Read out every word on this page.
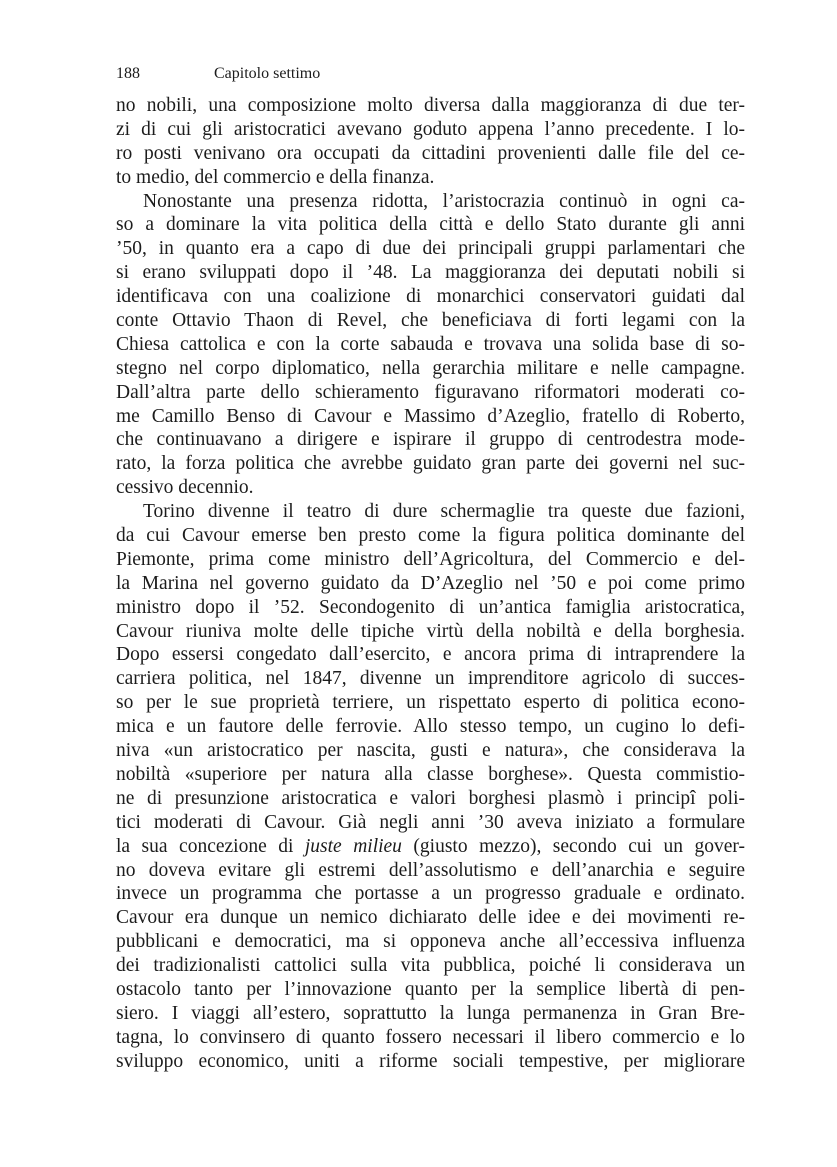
188	Capitolo settimo
no nobili, una composizione molto diversa dalla maggioranza di due ter-
zi di cui gli aristocratici avevano goduto appena l’anno precedente. I lo-
ro posti venivano ora occupati da cittadini provenienti dalle file del ce-
to medio, del commercio e della finanza.
Nonostante una presenza ridotta, l’aristocrazia continuò in ogni ca-
so a dominare la vita politica della città e dello Stato durante gli anni
’50, in quanto era a capo di due dei principali gruppi parlamentari che
si erano sviluppati dopo il ’48. La maggioranza dei deputati nobili si
identificava con una coalizione di monarchici conservatori guidati dal
conte Ottavio Thaon di Revel, che beneficiava di forti legami con la
Chiesa cattolica e con la corte sabauda e trovava una solida base di so-
stegno nel corpo diplomatico, nella gerarchia militare e nelle campagne.
Dall’altra parte dello schieramento figuravano riformatori moderati co-
me Camillo Benso di Cavour e Massimo d’Azeglio, fratello di Roberto,
che continuavano a dirigere e ispirare il gruppo di centrodestra mode-
rato, la forza politica che avrebbe guidato gran parte dei governi nel suc-
cessivo decennio.
Torino divenne il teatro di dure schermaglie tra queste due fazioni,
da cui Cavour emerse ben presto come la figura politica dominante del
Piemonte, prima come ministro dell’Agricoltura, del Commercio e del-
la Marina nel governo guidato da D’Azeglio nel ’50 e poi come primo
ministro dopo il ’52. Secondogenito di un’antica famiglia aristocratica,
Cavour riuniva molte delle tipiche virtù della nobiltà e della borghesia.
Dopo essersi congedato dall’esercito, e ancora prima di intraprendere la
carriera politica, nel 1847, divenne un imprenditore agricolo di succes-
so per le sue proprietà terriere, un rispettato esperto di politica econo-
mica e un fautore delle ferrovie. Allo stesso tempo, un cugino lo defi-
niva «un aristocratico per nascita, gusti e natura», che considerava la
nobiltà «superiore per natura alla classe borghese». Questa commistio-
ne di presunzione aristocratica e valori borghesi plasmò i principî poli-
tici moderati di Cavour. Già negli anni ’30 aveva iniziato a formulare
la sua concezione di juste milieu (giusto mezzo), secondo cui un gover-
no doveva evitare gli estremi dell’assolutismo e dell’anarchia e seguire
invece un programma che portasse a un progresso graduale e ordinato.
Cavour era dunque un nemico dichiarato delle idee e dei movimenti re-
pubblicani e democratici, ma si opponeva anche all’eccessiva influenza
dei tradizionalisti cattolici sulla vita pubblica, poiché li considerava un
ostacolo tanto per l’innovazione quanto per la semplice libertà di pen-
siero. I viaggi all’estero, soprattutto la lunga permanenza in Gran Bre-
tagna, lo convinsero di quanto fossero necessari il libero commercio e lo
sviluppo economico, uniti a riforme sociali tempestive, per migliorare
